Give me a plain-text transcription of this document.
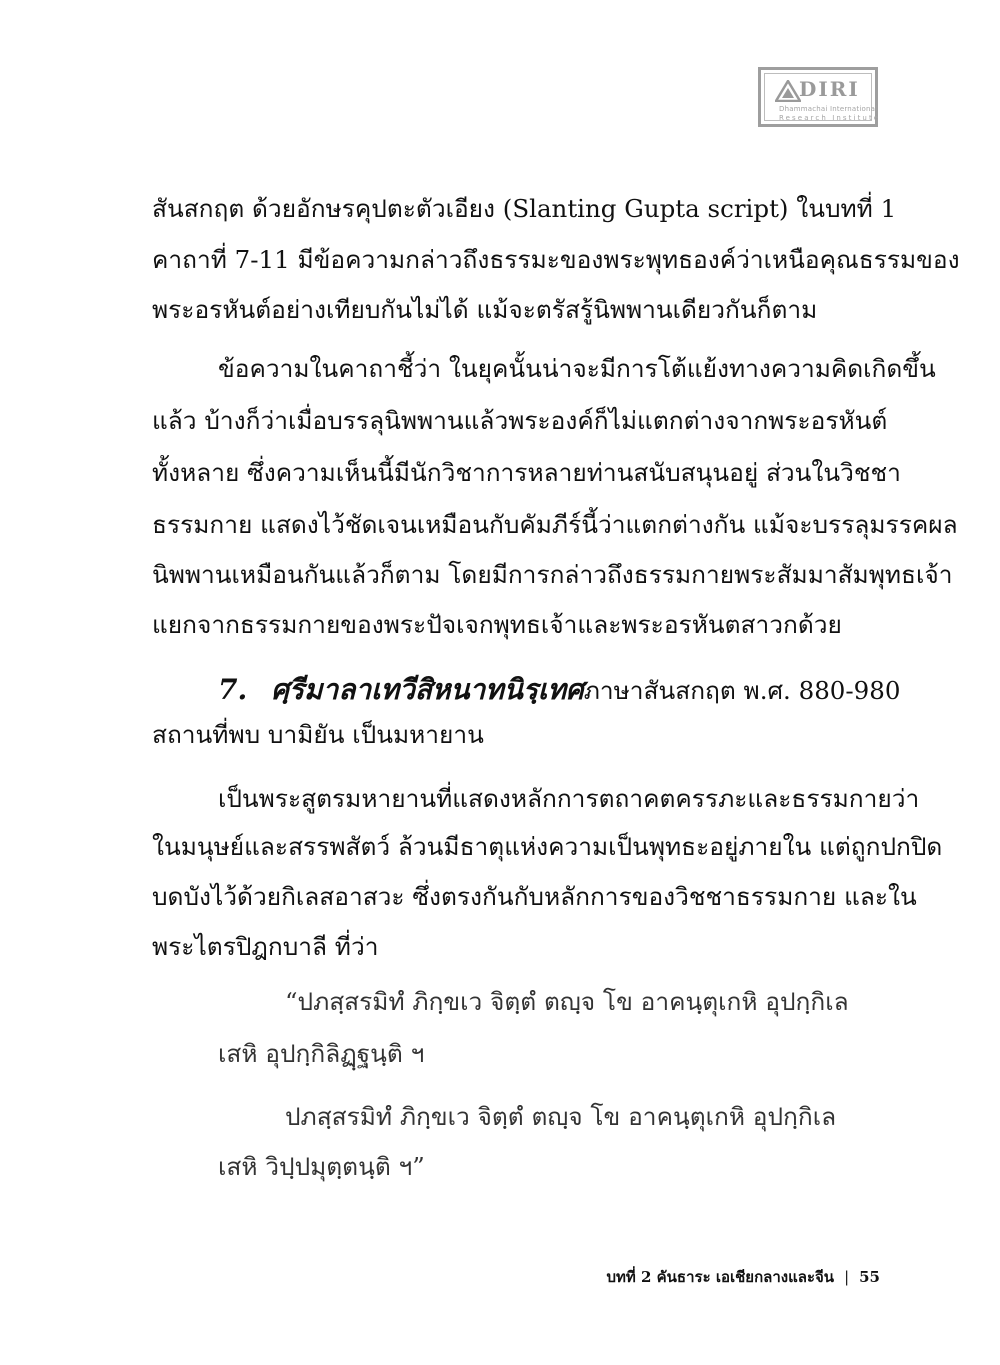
DIRI
Dhammachai International
Research Institute
สันสกฤต ด้วยอักษรคุปตะตัวเอียง (Slanting Gupta script) ในบทที่ 1
คาถาที่ 7-11 มีข้อความกล่าวถึงธรรมะของพระพุทธองค์ว่าเหนือคุณธรรมของ
พระอรหันต์อย่างเทียบกันไม่ได้ แม้จะตรัสรู้นิพพานเดียวกันก็ตาม
ข้อความในคาถาชี้ว่า ในยุคนั้นน่าจะมีการโต้แย้งทางความคิดเกิดขึ้น
แล้ว บ้างก็ว่าเมื่อบรรลุนิพพานแล้วพระองค์ก็ไม่แตกต่างจากพระอรหันต์
ทั้งหลาย ซึ่งความเห็นนี้มีนักวิชาการหลายท่านสนับสนุนอยู่ ส่วนในวิชชา
ธรรมกาย แสดงไว้ชัดเจนเหมือนกับคัมภีร์นี้ว่าแตกต่างกัน แม้จะบรรลุมรรคผล
นิพพานเหมือนกันแล้วก็ตาม โดยมีการกล่าวถึงธรรมกายพระสัมมาสัมพุทธเจ้า
แยกจากธรรมกายของพระปัจเจกพุทธเจ้าและพระอรหันตสาวกด้วย
7. ศฺรีมาลาเทวีสิหนาทนิรฺเทศ ภาษาสันสกฤต พ.ศ. 880-980
สถานที่พบ บามิยัน เป็นมหายาน
เป็นพระสูตรมหายานที่แสดงหลักการตถาคตครรภะและธรรมกายว่า
ในมนุษย์และสรรพสัตว์ ล้วนมีธาตุแห่งความเป็นพุทธะอยู่ภายใน แต่ถูกปกปิด
บดบังไว้ด้วยกิเลสอาสวะ ซึ่งตรงกันกับหลักการของวิชชาธรรมกาย และใน
พระไตรปิฎกบาลี ที่ว่า
“ปภสฺสรมิทํ ภิกฺขเว จิตฺตํ ตญฺจ โข อาคนฺตุเกหิ อุปกฺกิเล
เสหิ อุปกฺกิลิฏฺฐนฺติ ฯ
ปภสฺสรมิทํ ภิกฺขเว จิตฺตํ ตญฺจ โข อาคนฺตุเกหิ อุปกฺกิเล
เสหิ วิปฺปมุตฺตนฺติ ฯ”
บทที่ 2 คันธาระ เอเชียกลางและจีน | 55
